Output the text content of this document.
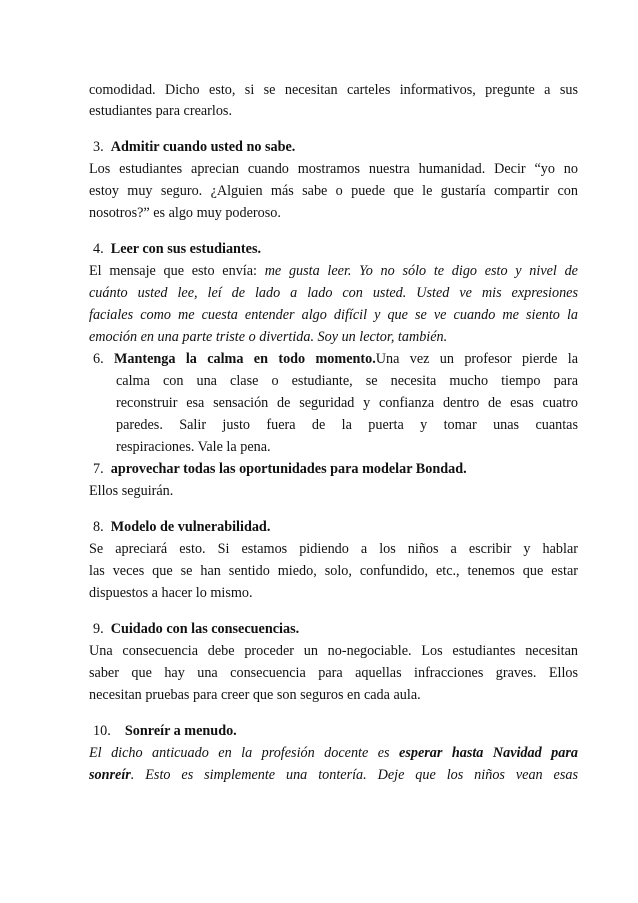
comodidad. Dicho esto, si se necesitan carteles informativos, pregunte a sus
estudiantes para crearlos.
3. Admitir cuando usted no sabe.
Los estudiantes aprecian cuando mostramos nuestra humanidad. Decir “yo no
estoy muy seguro. ¿Alguien más sabe o puede que le gustaría compartir con
nosotros?” es algo muy poderoso.
4. Leer con sus estudiantes.
El mensaje que esto envía: me gusta leer. Yo no sólo te digo esto y nivel de
cuánto usted lee, leí de lado a lado con usted. Usted ve mis expresiones
faciales como me cuesta entender algo difícil y que se ve cuando me siento la
emoción en una parte triste o divertida. Soy un lector, también.
6. Mantenga la calma en todo momento.Una vez un profesor pierde la
calma con una clase o estudiante, se necesita mucho tiempo para
reconstruir esa sensación de seguridad y confianza dentro de esas cuatro
paredes. Salir justo fuera de la puerta y tomar unas cuantas
respiraciones. Vale la pena.
7. aprovechar todas las oportunidades para modelar Bondad.
Ellos seguirán.
8. Modelo de vulnerabilidad.
Se apreciará esto. Si estamos pidiendo a los niños a escribir y hablar
las veces que se han sentido miedo, solo, confundido, etc., tenemos que estar
dispuestos a hacer lo mismo.
9. Cuidado con las consecuencias.
Una consecuencia debe proceder un no-negociable. Los estudiantes necesitan
saber que hay una consecuencia para aquellas infracciones graves. Ellos
necesitan pruebas para creer que son seguros en cada aula.
10. Sonreír a menudo.
El dicho anticuado en la profesión docente es esperar hasta Navidad para
sonreír. Esto es simplemente una tontería. Deje que los niños vean esas
